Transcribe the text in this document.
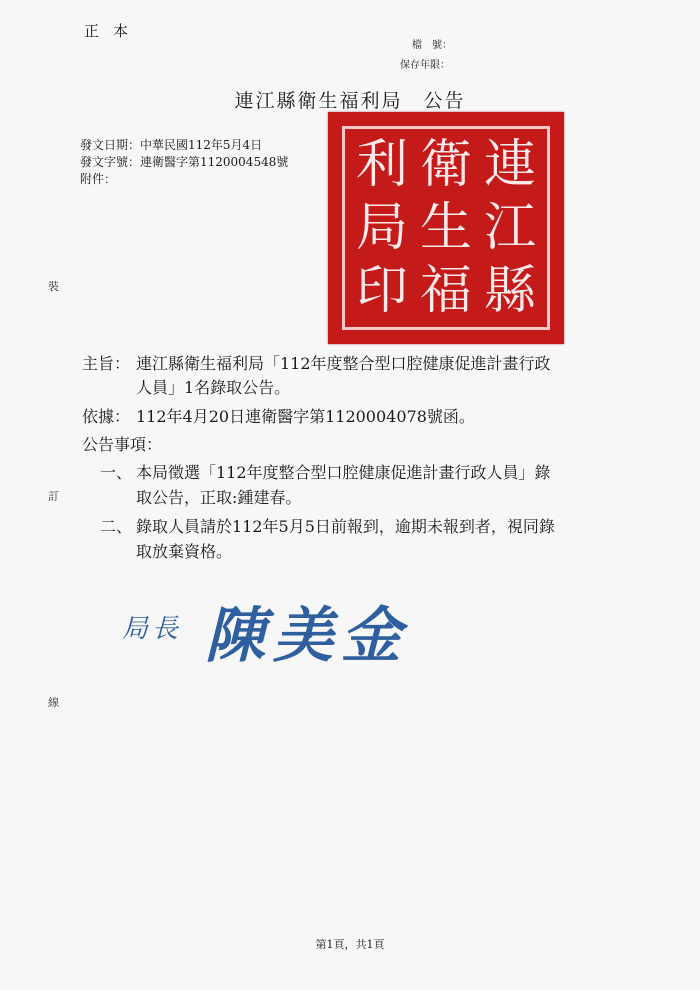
正本
檔　號：
保存年限：
連江縣衛生福利局　公告
發文日期：中華民國112年5月4日
發文字號：連衛醫字第1120004548號
附件：	連
江
縣
衛
生
福
利
局
印
裝
訂
線
主旨： 連江縣衛生福利局「112年度整合型口腔健康促進計畫行政
人員」1名錄取公告。
依據： 112年4月20日連衛醫字第1120004078號函。
公告事項：
一、 本局徵選「112年度整合型口腔健康促進計畫行政人員」錄
取公告，正取:鍾建春。
二、 錄取人員請於112年5月5日前報到，逾期未報到者，視同錄
取放棄資格。
局長 陳美金
第1頁，共1頁
